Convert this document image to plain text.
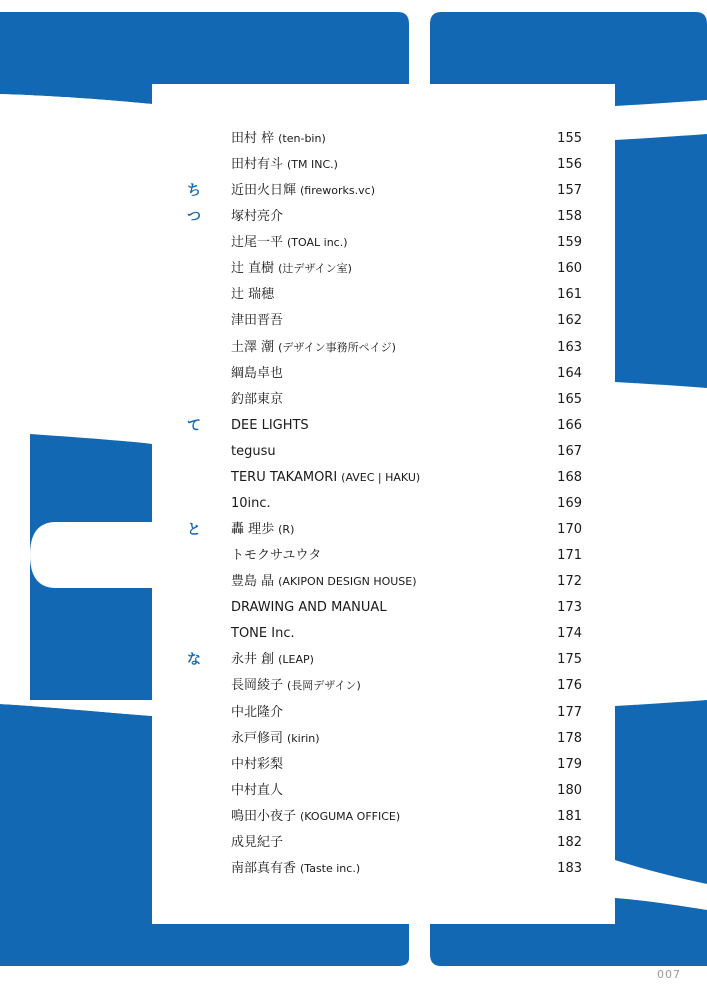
田村 梓 (ten-bin)	155
田村有斗 (TM INC.)	156
ち 近田火日輝 (fireworks.vc)	157
つ 塚村亮介	158
辻尾一平 (TOAL inc.)	159
辻 直樹 (辻デザイン室)	160
辻 瑞穂	161
津田晋吾	162
土澤 潮 (デザイン事務所ペイジ)	163
綱島卓也	164
釣部東京	165
て DEE LIGHTS	166
tegusu	167
TERU TAKAMORI (AVEC | HAKU)	168
10inc.	169
と 轟 理歩 (R)	170
トモクサユウタ	171
豊島 晶 (AKIPON DESIGN HOUSE)	172
DRAWING AND MANUAL	173
TONE Inc.	174
な 永井 創 (LEAP)	175
長岡綾子 (長岡デザイン)	176
中北隆介	177
永戸修司 (kirin)	178
中村彩梨	179
中村直人	180
鳴田小夜子 (KOGUMA OFFICE)	181
成見紀子	182
南部真有香 (Taste inc.)	183
007
